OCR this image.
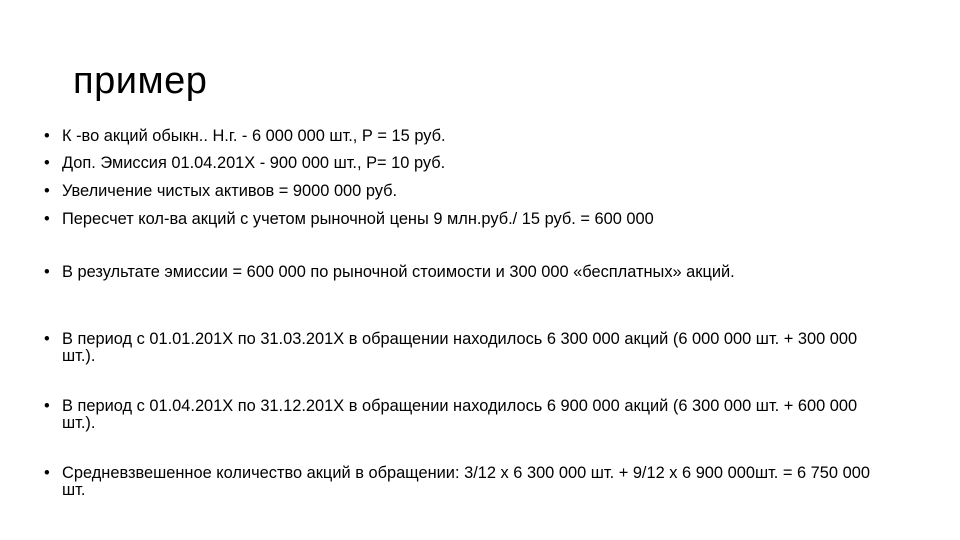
пример
• К -во акций обыкн.. Н.г. - 6 000 000 шт., Р = 15 руб.
• Доп. Эмиссия 01.04.201Х - 900 000 шт., Р= 10 руб.
• Увеличение чистых активов = 9000 000 руб.
• Пересчет кол-ва акций с учетом рыночной цены 9 млн.руб./ 15 руб. = 600 000
• В результате эмиссии = 600 000 по рыночной стоимости и 300 000 «бесплатных» акций.
• В период с 01.01.201Х по 31.03.201Х в обращении находилось 6 300 000 акций (6 000 000 шт. + 300 000 шт.).
• В период с 01.04.201Х по 31.12.201Х в обращении находилось 6 900 000 акций (6 300 000 шт. + 600 000 шт.).
• Средневзвешенное количество акций в обращении: 3/12 х 6 300 000 шт. + 9/12 х 6 900 000шт. = 6 750 000 шт.
